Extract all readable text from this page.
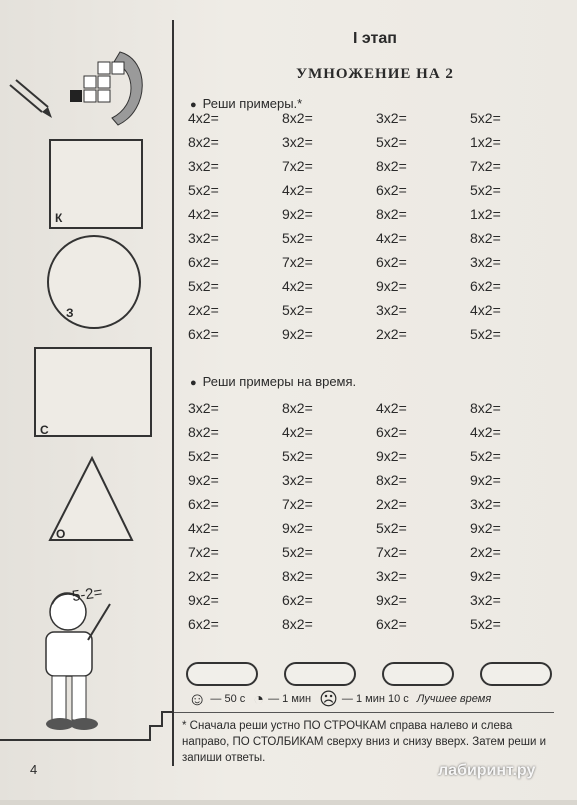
К
З
С
О
5-2=
I этап
УМНОЖЕНИЕ НА 2
● Реши примеры.*
4x2=	8x2=	3x2=	5x2=
8x2=	3x2=	5x2=	1x2=
3x2=	7x2=	8x2=	7x2=
5x2=	4x2=	6x2=	5x2=
4x2=	9x2=	8x2=	1x2=
3x2=	5x2=	4x2=	8x2=
6x2=	7x2=	6x2=	3x2=
5x2=	4x2=	9x2=	6x2=
2x2=	5x2=	3x2=	4x2=
6x2=	9x2=	2x2=	5x2=
● Реши примеры на время.
3x2=	8x2=	4x2=	8x2=
8x2=	4x2=	6x2=	4x2=
5x2=	5x2=	9x2=	5x2=
9x2=	3x2=	8x2=	9x2=
6x2=	7x2=	2x2=	3x2=
4x2=	9x2=	5x2=	9x2=
7x2=	5x2=	7x2=	2x2=
2x2=	8x2=	3x2=	9x2=
9x2=	6x2=	9x2=	3x2=
6x2=	8x2=	6x2=	5x2=
☺ — 50 с ◔ — 1 мин ☹ — 1 мин 10 с Лучшее время
* Сначала реши устно ПО СТРОЧКАМ справа налево и слева направо, ПО СТОЛБИКАМ сверху вниз и снизу вверх. Затем реши и запиши ответы.
4	лабиринт.ру
